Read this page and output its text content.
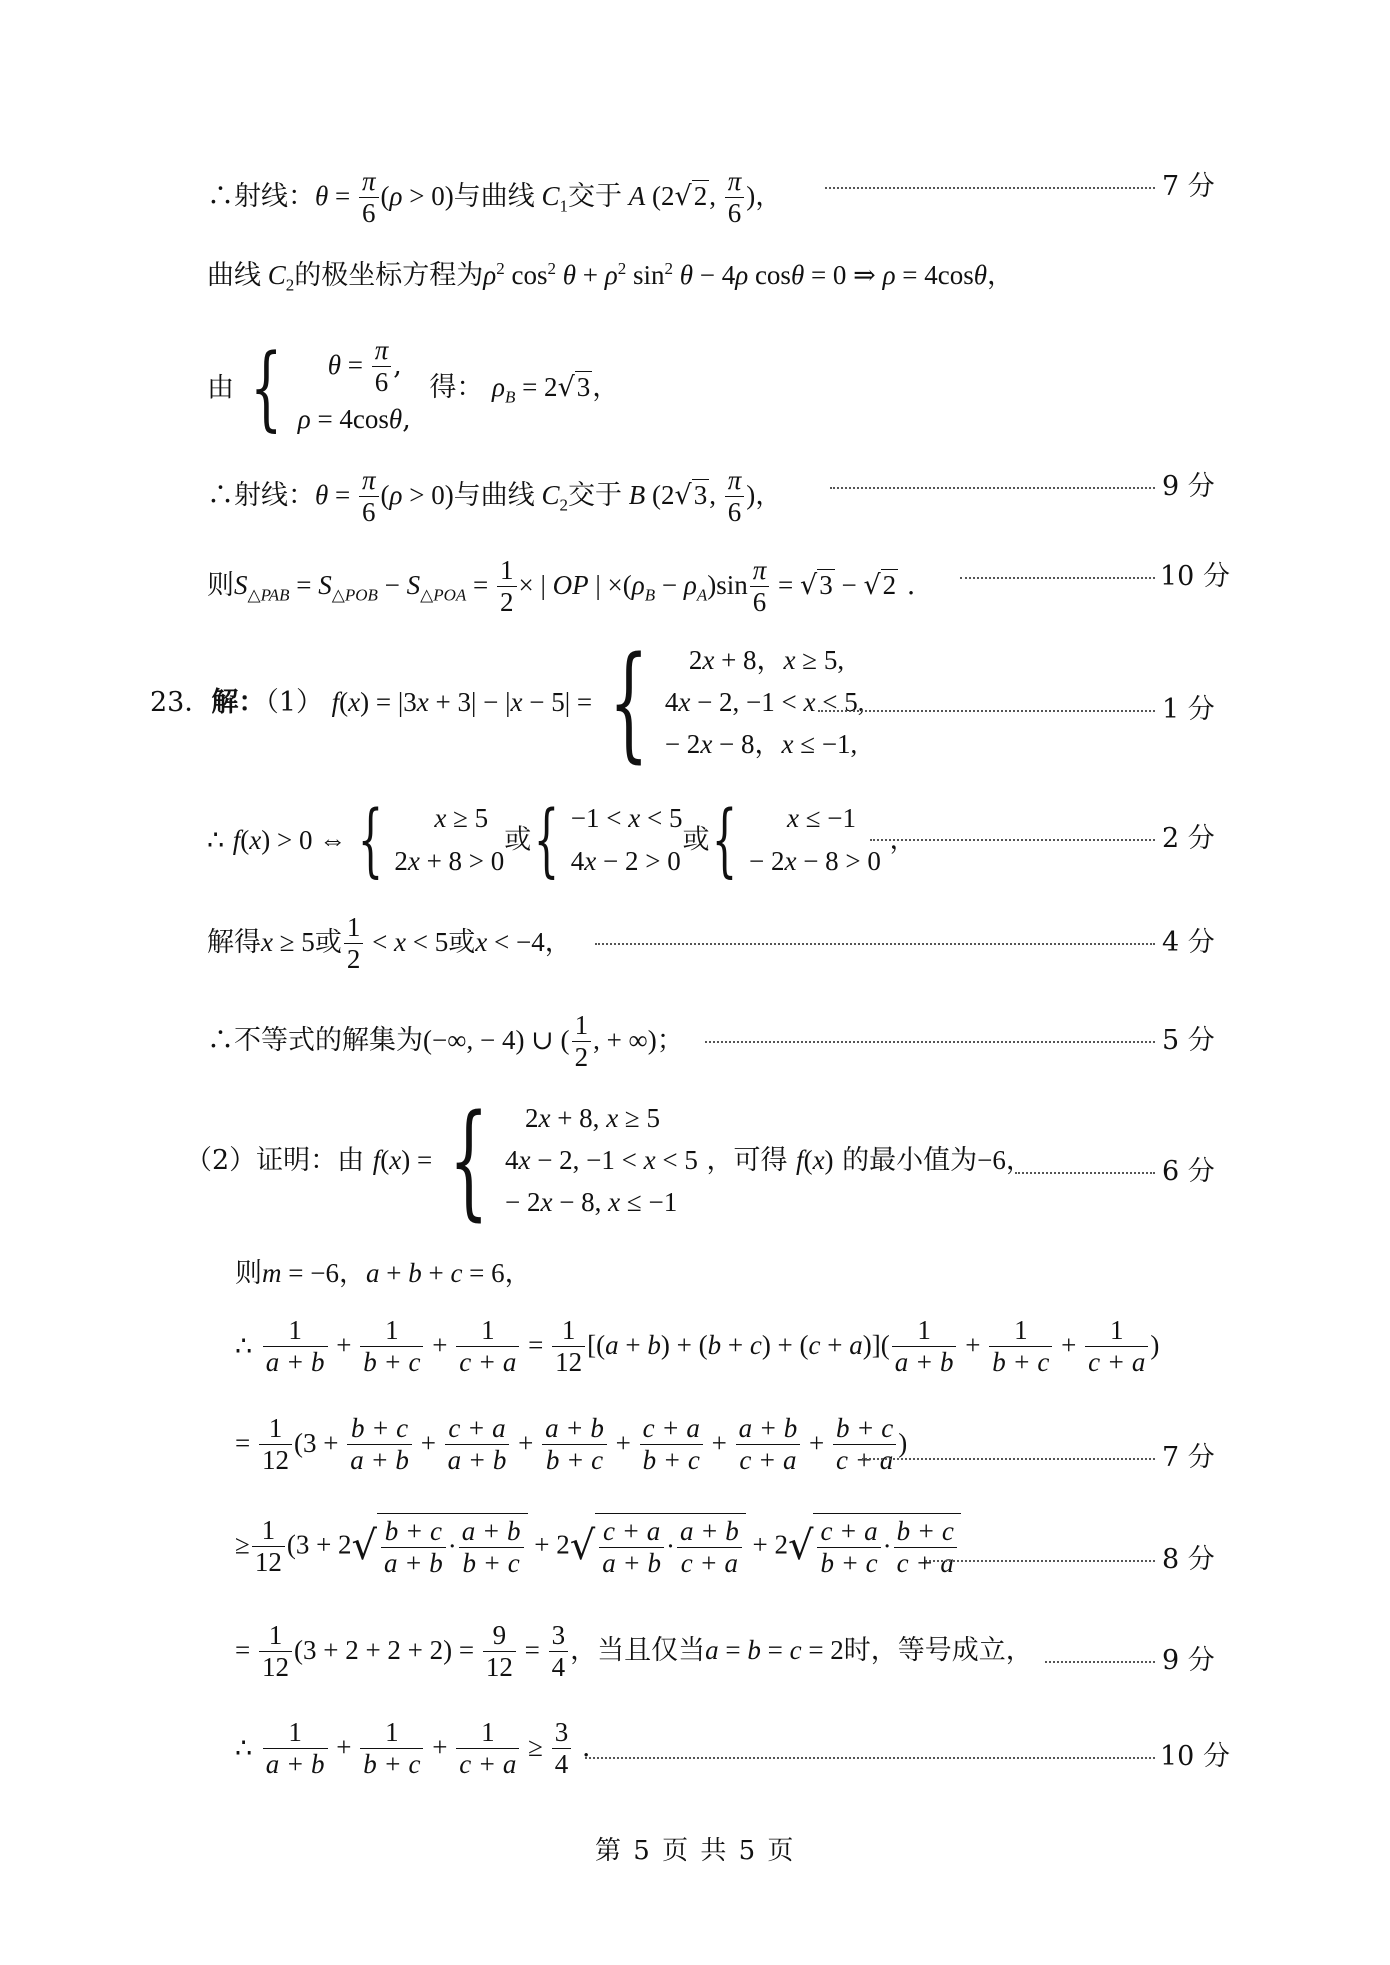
∴射线：$\theta = \frac{\pi}{6} (\rho > 0)$与曲线 $C_1$交于 A (2√2, $\frac{\pi}{6}$ )，	7 分
曲线 $C_2$的极坐标方程为$\rho^2$ $\cos^2 \theta + \rho^2$ $\sin^2 \theta - 4\rho$ cosθ = 0 ⇒ ρ = 4cosθ，
由 {	$\theta = \frac{\pi}{6}$ ,
ρ = 4cosθ,
得： $\rho_B = 2√3$，
∴射线：$\theta = \frac{\pi}{6} (\rho > 0)$与曲线 $C_2$交于 B (2√3, $\frac{\pi}{6}$ )，	9 分
则$S_{\triangle PAB} = S_{\triangle POB} - S_{\triangle POA} = \frac{1}{2}$ × | OP | $\times(\rho_B - \rho_A)\sin \frac{\pi}{6} = √3 - √2$ .	10 分
23．解：（1） f(x) = |3x + 3| − |x − 5| = {	2x + 8，x ≥ 5,
4x − 2, −1 < x < 5,
− 2x − 8，x ≤ −1,
1 分
∴ f(x) > 0 ⇔ {	x ≥ 5
2x + 8 > 0
或{ −1 < x < 5
4x − 2 > 0
或{	x ≤ −1
− 2x − 8 > 0
，	2 分
解得x ≥ 5或 $\frac{1}{2} < x < 5$或x < −4，	4 分
∴不等式的解集为(−∞, − 4) ∪ ( $\frac{1}{2}$ , + ∞)；	5 分
（2）证明：由 f(x) = {	2x + 8, x ≥ 5
4x − 2, −1 < x < 5
− 2x − 8, x ≤ −1
，可得 f(x) 的最小值为−6，	6 分
则m = −6，a + b + c = 6，
∴ $\frac{1}{a + b} + \frac{1}{b + c} + \frac{1}{c + a} = \frac{1}{12} [(a + b) + (b + c) + (c + a)]( \frac{1}{a + b} + \frac{1}{b + c} + \frac{1}{c + a}$ )
= $\frac{1}{12} (3 + \frac{b + c}{a + b} + \frac{c + a}{a + b} + \frac{a + b}{b + c} + \frac{c + a}{b + c} + \frac{a + b}{c + a} + \frac{b + c}{c + a}$ )	7 分
≥ $\frac{1}{12} (3 + 2√ \frac{b + c}{a + b} \cdot \frac{a + b}{b + c} + 2√ \frac{c + a}{a + b} \cdot \frac{a + b}{c + a} + 2√ \frac{c + a}{b + c} \cdot \frac{b + c}{c + a}$	8 分
= $\frac{1}{12} (3 + 2 + 2 + 2) = \frac{9}{12} = \frac{3}{4}$ ，当且仅当a = b = c = 2时，等号成立，	9 分
∴ $\frac{1}{a + b} + \frac{1}{b + c} + \frac{1}{c + a} \ge \frac{3}{4}$ .	10 分
第 5 页 共 5 页
